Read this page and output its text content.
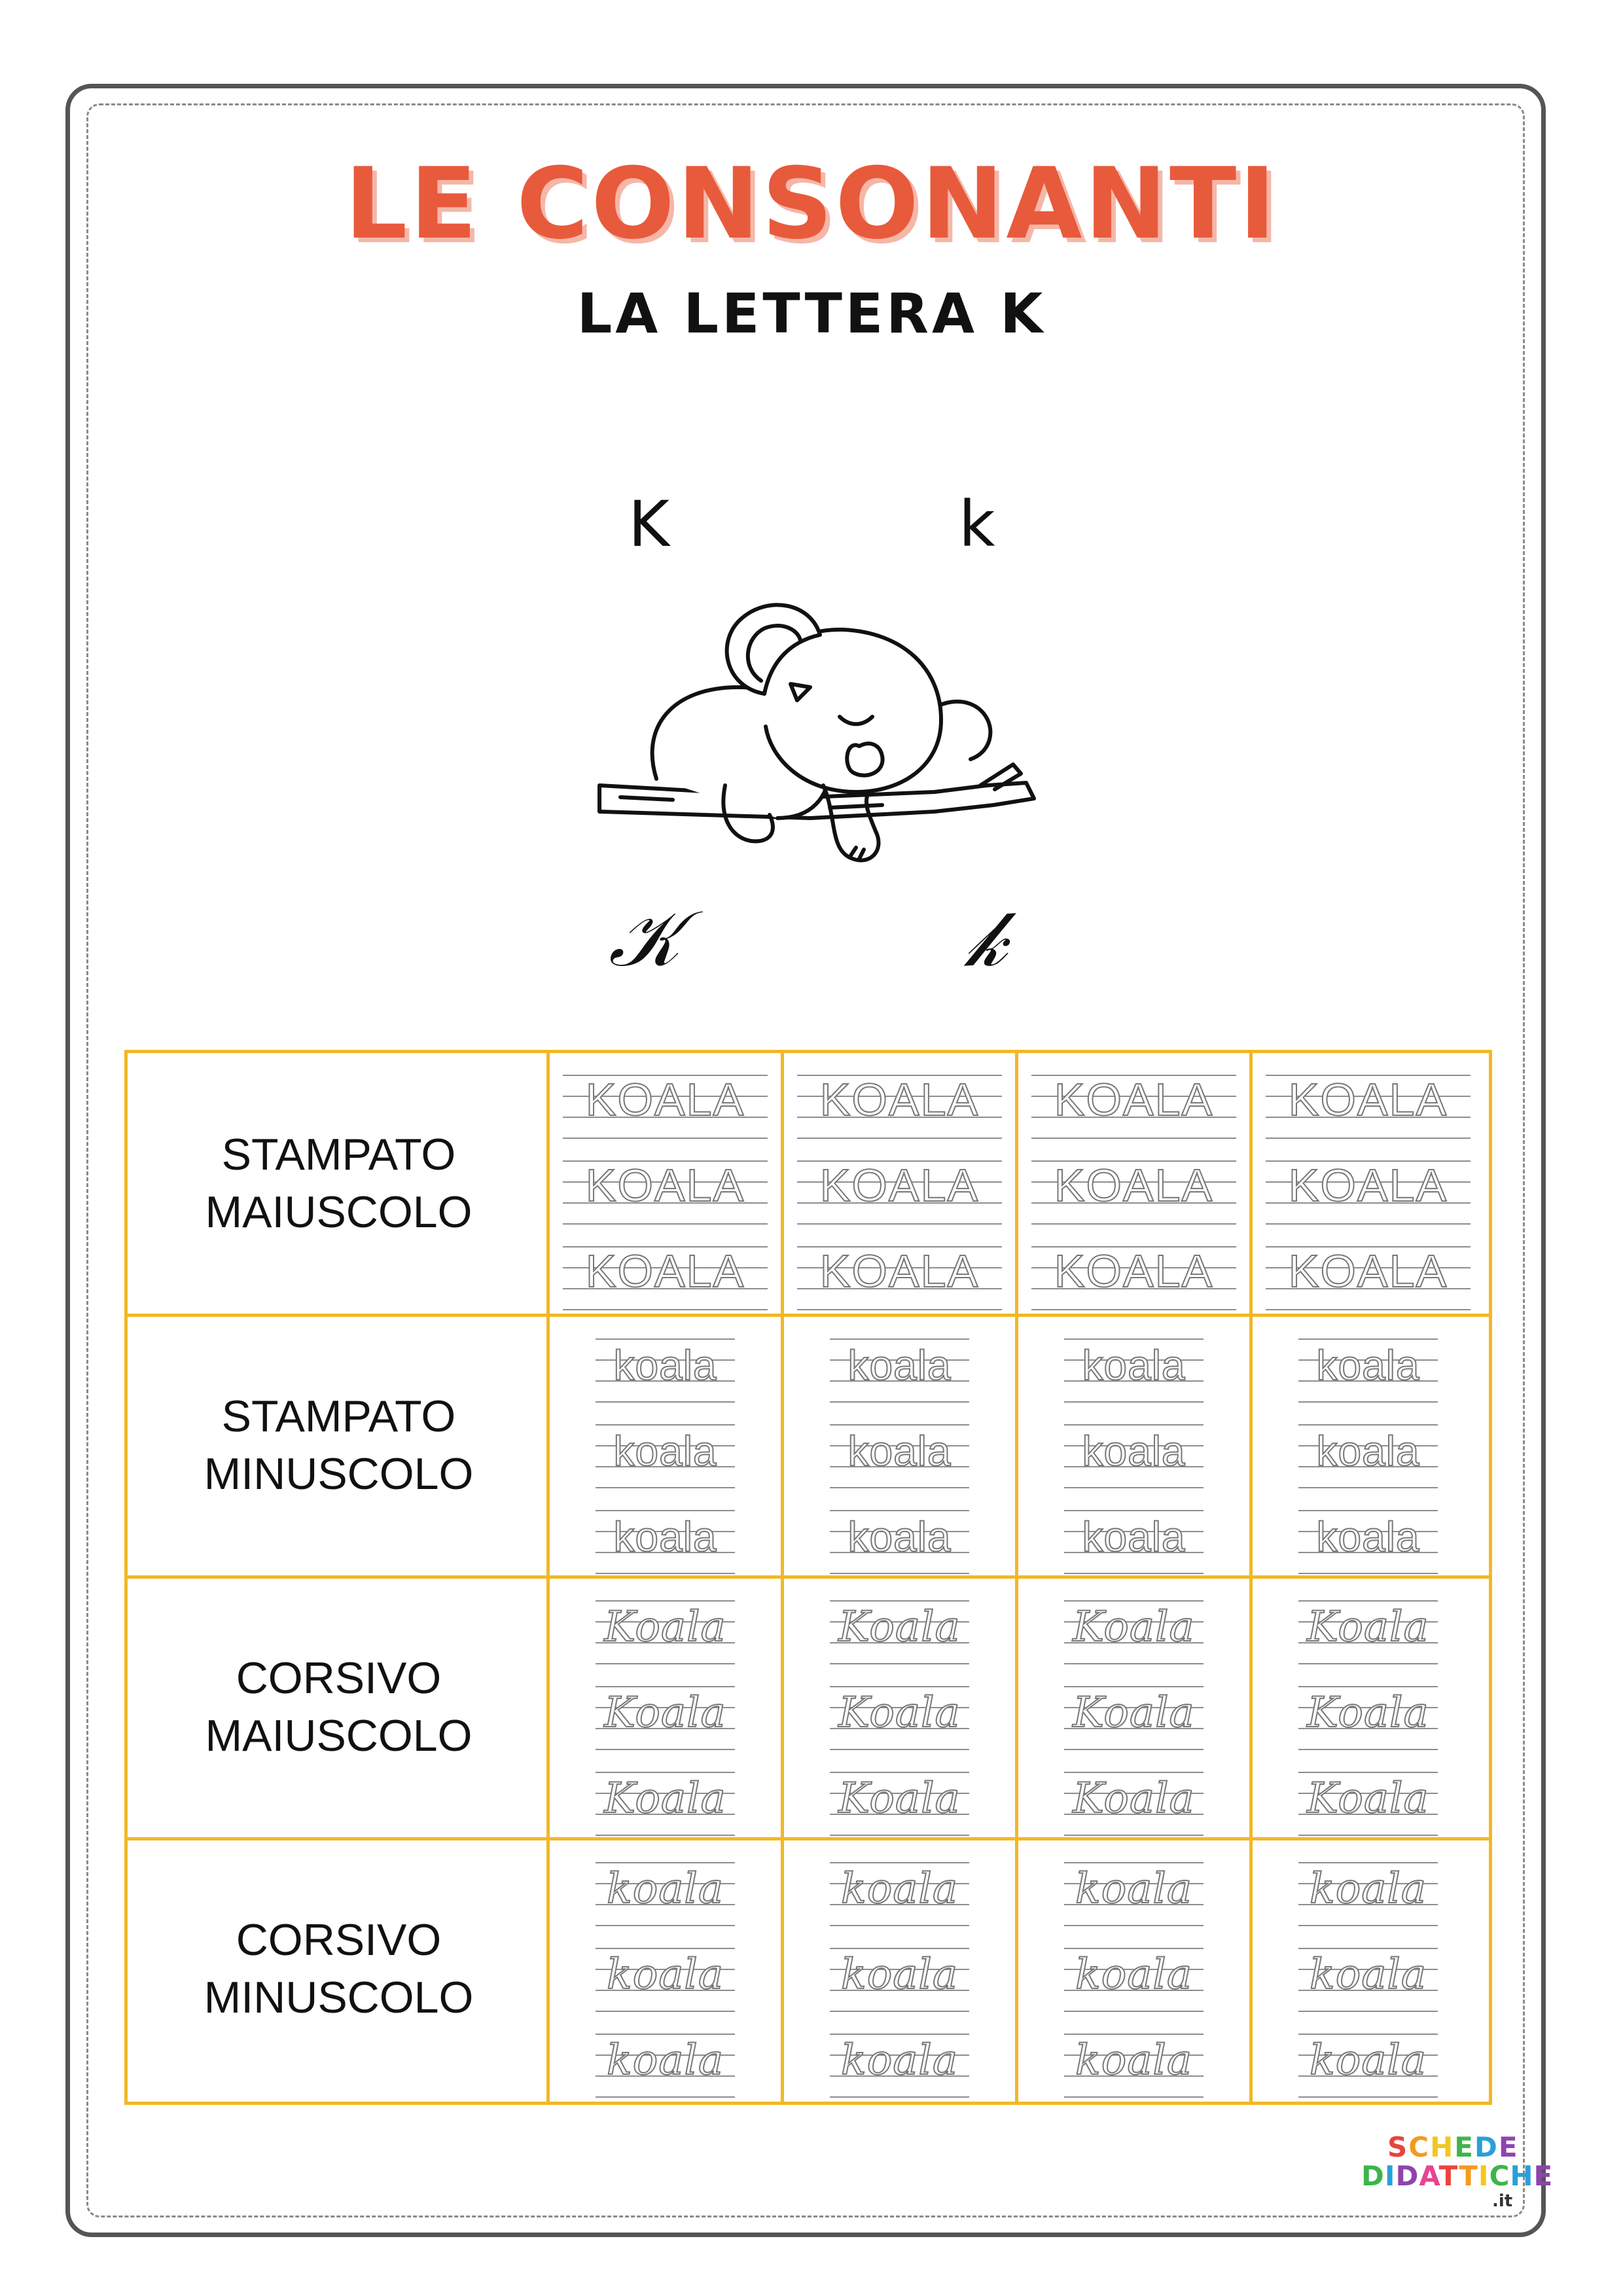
LE CONSONANTI
LA LETTERA K
K	k
𝒦	𝓀
STAMPATO
MAIUSCOLO
STAMPATO
MINUSCOLO
CORSIVO
MAIUSCOLO
CORSIVO
MINUSCOLO
KOALA
KOALA
KOALA
KOALA
KOALA
KOALA
KOALA
KOALA
KOALA
KOALA
KOALA
KOALA
koala
koala
koala
koala
koala
koala
koala
koala
koala
koala
koala
koala
Koala
Koala
Koala
Koala
Koala
Koala
Koala
Koala
Koala
Koala
Koala
Koala
koala
koala
koala
koala
koala
koala
koala
koala
koala
koala
koala
koala
SCHEDE
DIDATTICHE
.it
